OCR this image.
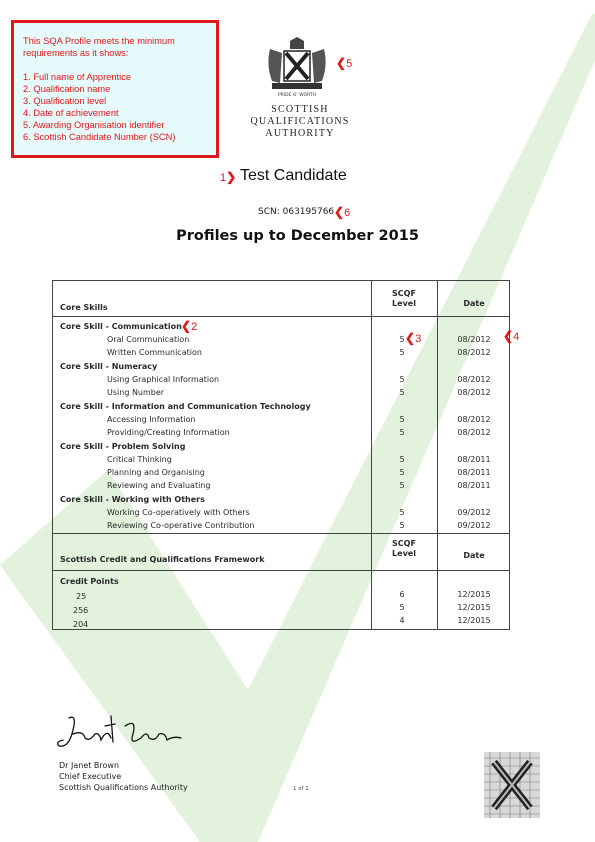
This SQA Profile meets the minimum
requirements as it shows:
1. Full name of Apprentice
2. Qualification name
3. Qualification level
4. Date of achievement
5. Awarding Organisation identifier
6. Scottish Candidate Number (SCN)
PRIDE O' WORTH
SCOTTISH
QUALIFICATIONS
AUTHORITY
❮5
1❯
❮6
❮2
❮3	❮4
Test Candidate
SCN: 063195766
Profiles up to December 2015
Core Skills
SCQF
Level	Date
Core Skill - Communication
Oral Communication	5	08/2012
Written Communication	5	08/2012
Core Skill - Numeracy
Using Graphical Information	5	08/2012
Using Number	5	08/2012
Core Skill - Information and Communication Technology
Accessing Information	5	08/2012
Providing/Creating Information	5	08/2012
Core Skill - Problem Solving
Critical Thinking	5	08/2011
Planning and Organising	5	08/2011
Reviewing and Evaluating	5	08/2011
Core Skill - Working with Others
Working Co-operatively with Others	5	09/2012
Reviewing Co-operative Contribution	5	09/2012
Scottish Credit and Qualifications Framework
SCQF
Level	Date
Credit Points
25	6	12/2015
256	5	12/2015
204	4	12/2015
Dr Janet Brown
Chief Executive
Scottish Qualifications Authority	1 of 1
